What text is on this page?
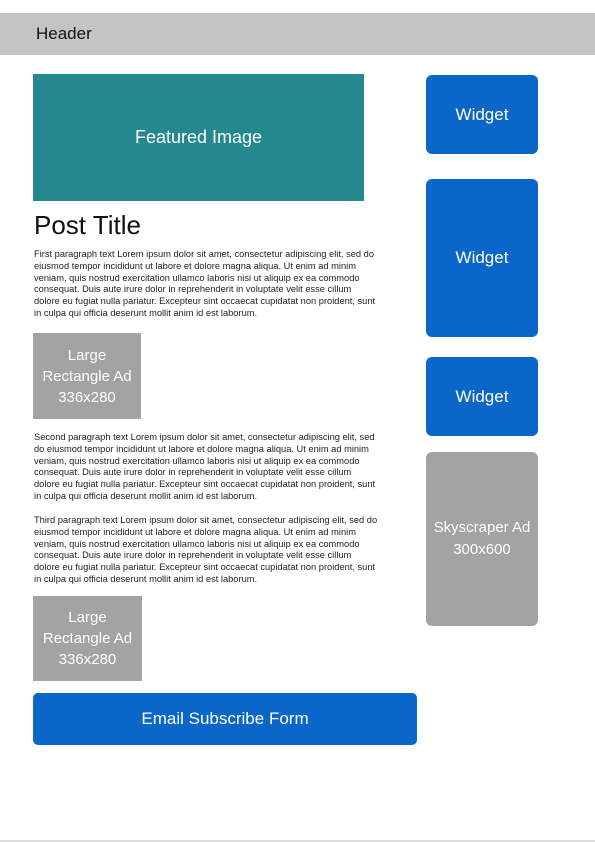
Header
Featured Image
Post Title

First paragraph text Lorem ipsum dolor sit amet, consectetur adipiscing elit, sed do eiusmod tempor incididunt ut labore et dolore magna aliqua. Ut enim ad minim veniam, quis nostrud exercitation ullamco laboris nisi ut aliquip ex ea commodo consequat. Duis aute irure dolor in reprehenderit in voluptate velit esse cillum dolore eu fugiat nulla pariatur. Excepteur sint occaecat cupidatat non proident, sunt in culpa qui officia deserunt mollit anim id est laborum.

Large
Rectangle Ad
336x280

Second paragraph text Lorem ipsum dolor sit amet, consectetur adipiscing elit, sed do eiusmod tempor incididunt ut labore et dolore magna aliqua. Ut enim ad minim veniam, quis nostrud exercitation ullamco laboris nisi ut aliquip ex ea commodo consequat. Duis aute irure dolor in reprehenderit in voluptate velit esse cillum dolore eu fugiat nulla pariatur. Excepteur sint occaecat cupidatat non proident, sunt in culpa qui officia deserunt mollit anim id est laborum.

Third paragraph text Lorem ipsum dolor sit amet, consectetur adipiscing elit, sed do eiusmod tempor incididunt ut labore et dolore magna aliqua. Ut enim ad minim veniam, quis nostrud exercitation ullamco laboris nisi ut aliquip ex ea commodo consequat. Duis aute irure dolor in reprehenderit in voluptate velit esse cillum dolore eu fugiat nulla pariatur. Excepteur sint occaecat cupidatat non proident, sunt in culpa qui officia deserunt mollit anim id est laborum.

Large
Rectangle Ad
336x280
Widget
Widget
Widget
Skyscraper Ad
300x600
Email Subscribe Form
